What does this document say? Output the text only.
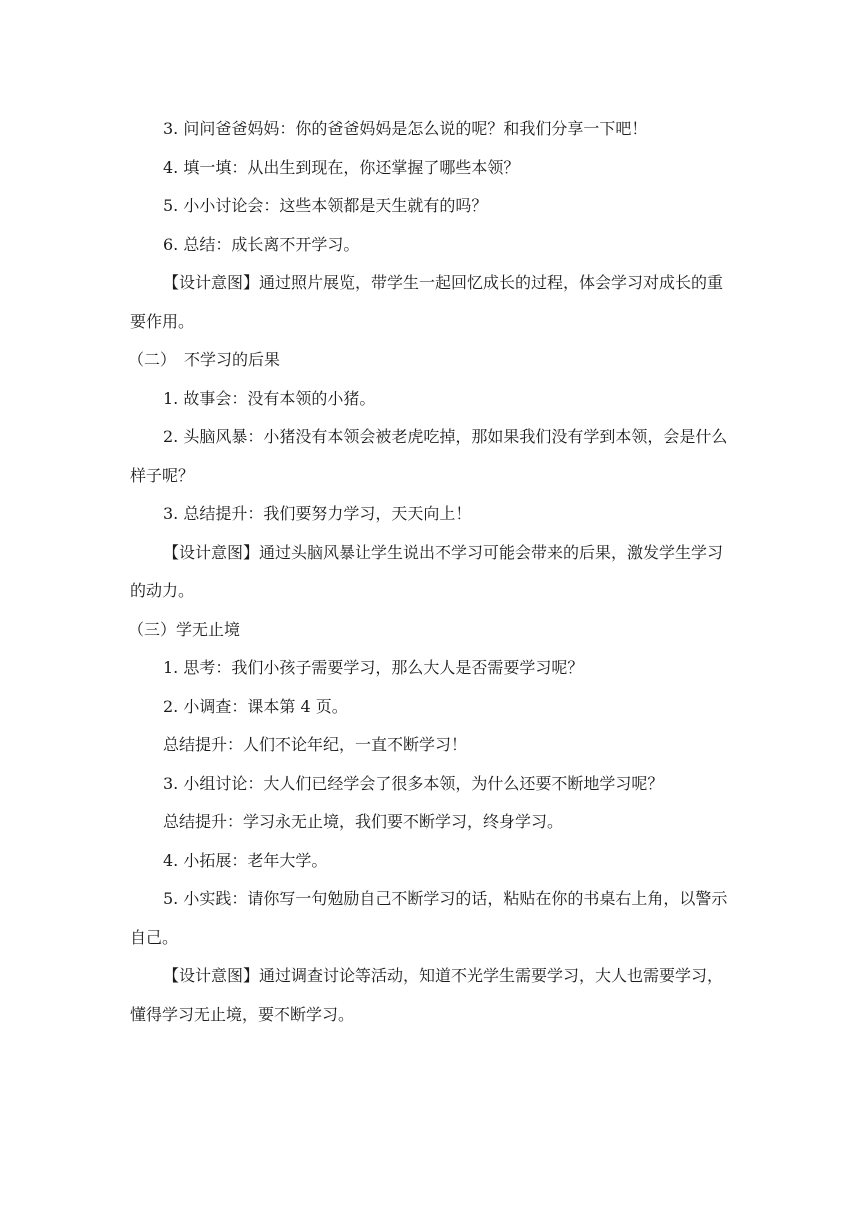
3. 问问爸爸妈妈：你的爸爸妈妈是怎么说的呢？和我们分享一下吧！

4. 填一填：从出生到现在，你还掌握了哪些本领？

5. 小小讨论会：这些本领都是天生就有的吗？

6. 总结：成长离不开学习。

【设计意图】通过照片展览，带学生一起回忆成长的过程，体会学习对成长的重要作用。

（二）　不学习的后果

1. 故事会：没有本领的小猪。

2. 头脑风暴：小猪没有本领会被老虎吃掉，那如果我们没有学到本领，会是什么样子呢？

3. 总结提升：我们要努力学习，天天向上！

【设计意图】通过头脑风暴让学生说出不学习可能会带来的后果，激发学生学习的动力。

（三）学无止境

1. 思考：我们小孩子需要学习，那么大人是否需要学习呢？

2. 小调查：课本第 4 页。

总结提升：人们不论年纪，一直不断学习！

3. 小组讨论：大人们已经学会了很多本领，为什么还要不断地学习呢？

总结提升：学习永无止境，我们要不断学习，终身学习。

4. 小拓展：老年大学。

5. 小实践：请你写一句勉励自己不断学习的话，粘贴在你的书桌右上角，以警示自己。

【设计意图】通过调查讨论等活动，知道不光学生需要学习，大人也需要学习，懂得学习无止境，要不断学习。
